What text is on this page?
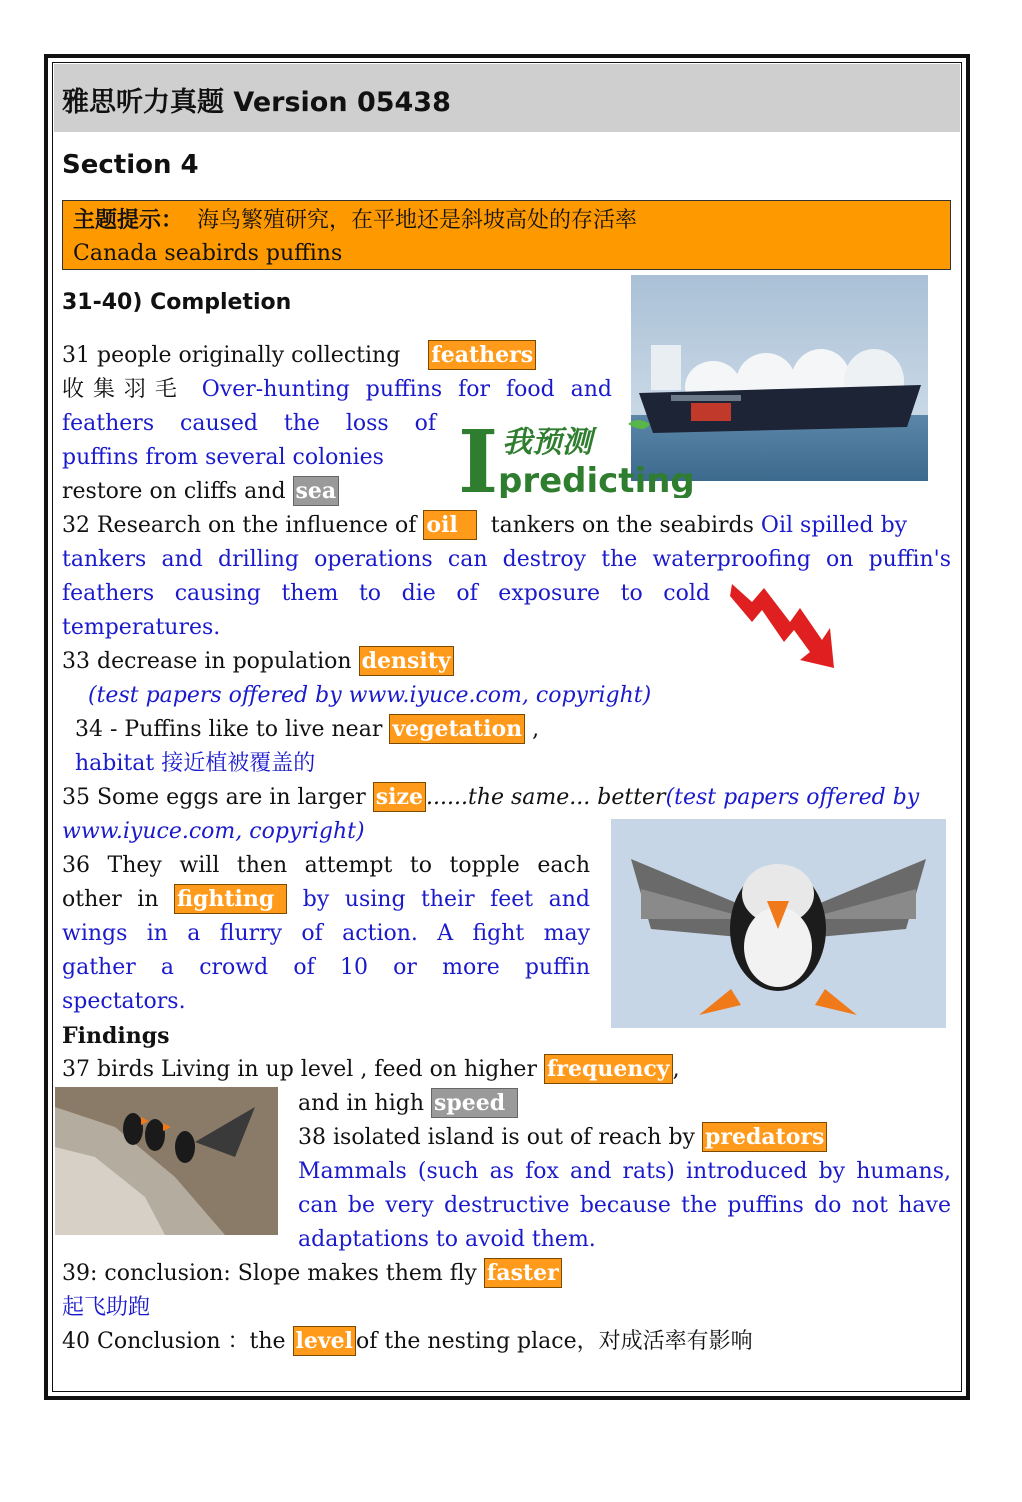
雅思听力真题 Version 05438
Section 4
主题提示： 海鸟繁殖研究，在平地还是斜坡高处的存活率
Canada seabirds puffins
31-40) Completion
I 我预测
predicting
31 people originally collecting feathers
收集羽毛 Over-hunting puffins for food and
feathers caused the loss of
puffins from several colonies
restore on cliffs and sea
32 Research on the influence of oil tankers on the seabirds Oil spilled by
tankers and drilling operations can destroy the waterproofing on puffin's
feathers causing them to die of exposure to cold
temperatures.
33 decrease in population density
(test papers offered by www.iyuce.com, copyright)
34 - Puffins like to live near vegetation ,
habitat 接近植被覆盖的
35 Some eggs are in larger size ......the same... better(test papers offered by
www.iyuce.com, copyright)
36 They will then attempt to topple each
other in fighting by using their feet and
wings in a flurry of action. A fight may
gather a crowd of 10 or more puffin
spectators.
Findings
37 birds Living in up level , feed on higher frequency ,
and in high speed
38 isolated island is out of reach by predators
Mammals (such as fox and rats) introduced by humans,
can be very destructive because the puffins do not have
adaptations to avoid them.
39: conclusion: Slope makes them fly faster
起飞助跑
40 Conclusion ：the level of the nesting place，对成活率有影响
